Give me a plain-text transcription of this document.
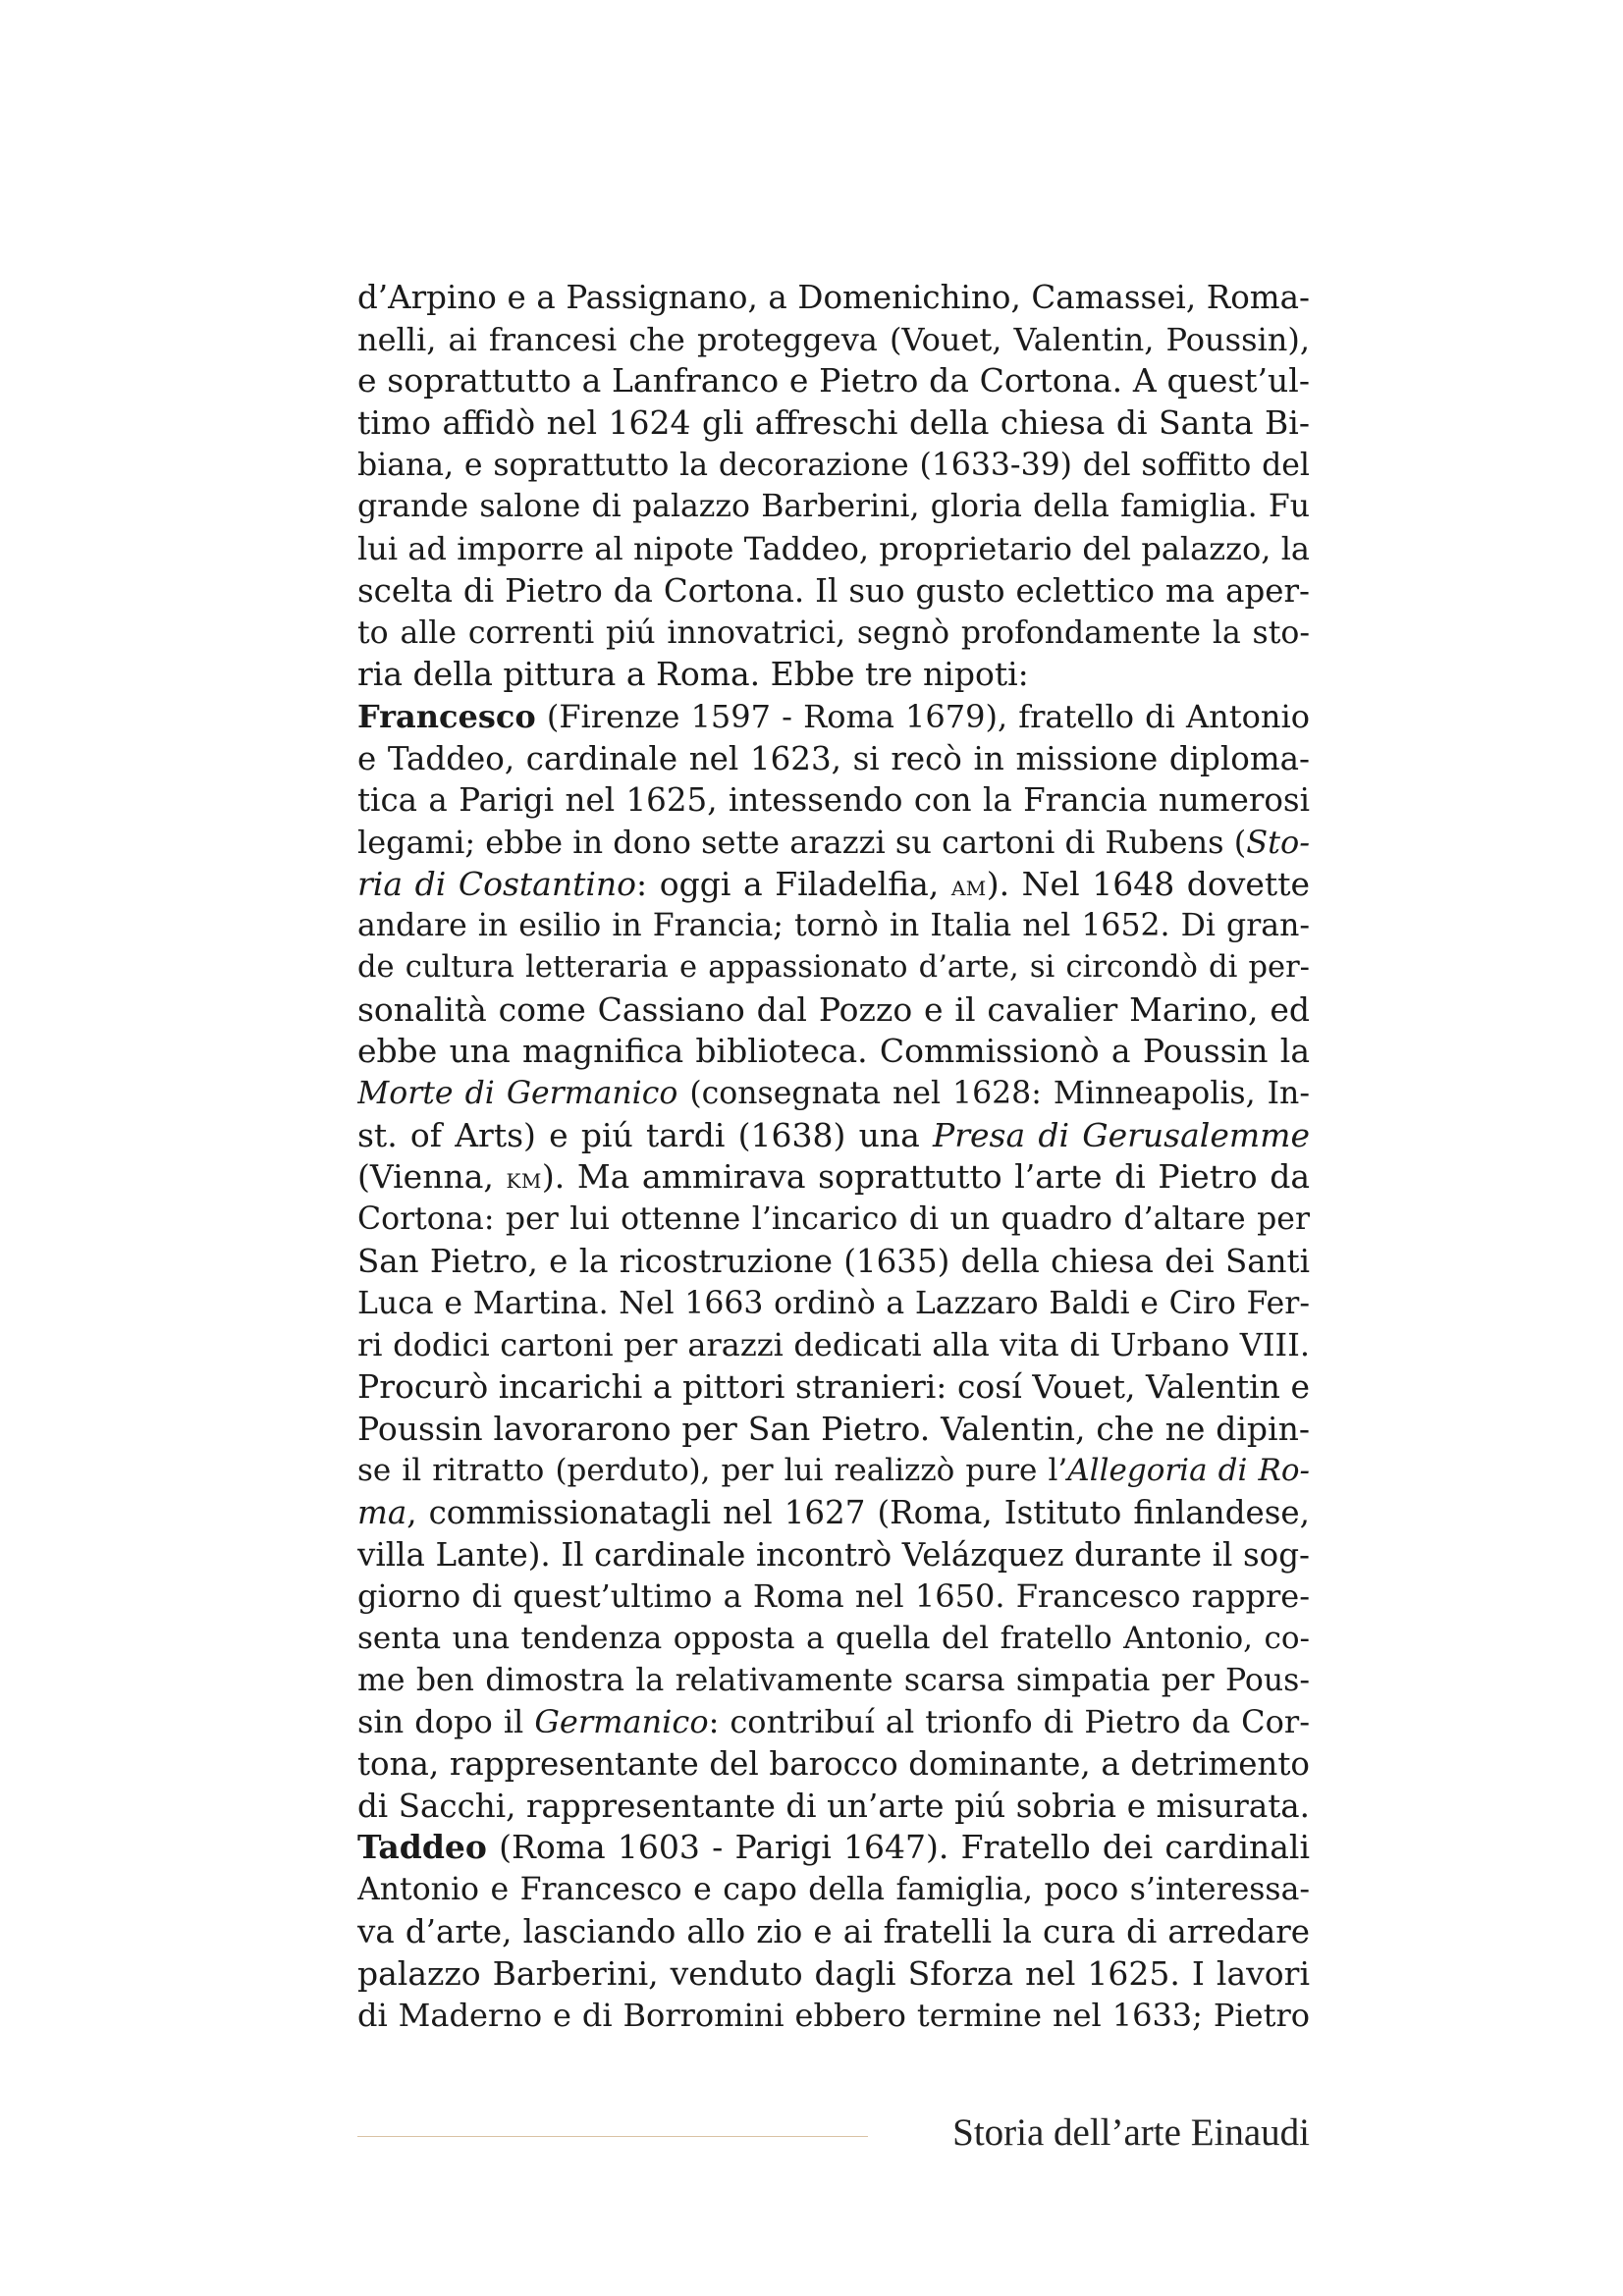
d’Arpino e a Passignano, a Domenichino, Camassei, Roma-
nelli, ai francesi che proteggeva (Vouet, Valentin, Poussin),
e soprattutto a Lanfranco e Pietro da Cortona. A quest’ul-
timo affidò nel 1624 gli affreschi della chiesa di Santa Bi-
biana, e soprattutto la decorazione (1633-39) del soffitto del
grande salone di palazzo Barberini, gloria della famiglia. Fu
lui ad imporre al nipote Taddeo, proprietario del palazzo, la
scelta di Pietro da Cortona. Il suo gusto eclettico ma aper-
to alle correnti piú innovatrici, segnò profondamente la sto-
ria della pittura a Roma. Ebbe tre nipoti:
Francesco (Firenze 1597 - Roma 1679), fratello di Antonio
e Taddeo, cardinale nel 1623, si recò in missione diploma-
tica a Parigi nel 1625, intessendo con la Francia numerosi
legami; ebbe in dono sette arazzi su cartoni di Rubens (Sto-
ria di Costantino: oggi a Filadelfia, am). Nel 1648 dovette
andare in esilio in Francia; tornò in Italia nel 1652. Di gran-
de cultura letteraria e appassionato d’arte, si circondò di per-
sonalità come Cassiano dal Pozzo e il cavalier Marino, ed
ebbe una magnifica biblioteca. Commissionò a Poussin la
Morte di Germanico (consegnata nel 1628: Minneapolis, In-
st. of Arts) e piú tardi (1638) una Presa di Gerusalemme
(Vienna, km). Ma ammirava soprattutto l’arte di Pietro da
Cortona: per lui ottenne l’incarico di un quadro d’altare per
San Pietro, e la ricostruzione (1635) della chiesa dei Santi
Luca e Martina. Nel 1663 ordinò a Lazzaro Baldi e Ciro Fer-
ri dodici cartoni per arazzi dedicati alla vita di Urbano VIII.
Procurò incarichi a pittori stranieri: cosí Vouet, Valentin e
Poussin lavorarono per San Pietro. Valentin, che ne dipin-
se il ritratto (perduto), per lui realizzò pure l’Allegoria di Ro-
ma, commissionatagli nel 1627 (Roma, Istituto finlandese,
villa Lante). Il cardinale incontrò Velázquez durante il sog-
giorno di quest’ultimo a Roma nel 1650. Francesco rappre-
senta una tendenza opposta a quella del fratello Antonio, co-
me ben dimostra la relativamente scarsa simpatia per Pous-
sin dopo il Germanico: contribuí al trionfo di Pietro da Cor-
tona, rappresentante del barocco dominante, a detrimento
di Sacchi, rappresentante di un’arte piú sobria e misurata.
Taddeo (Roma 1603 - Parigi 1647). Fratello dei cardinali
Antonio e Francesco e capo della famiglia, poco s’interessa-
va d’arte, lasciando allo zio e ai fratelli la cura di arredare
palazzo Barberini, venduto dagli Sforza nel 1625. I lavori
di Maderno e di Borromini ebbero termine nel 1633; Pietro
Storia dell’arte Einaudi
